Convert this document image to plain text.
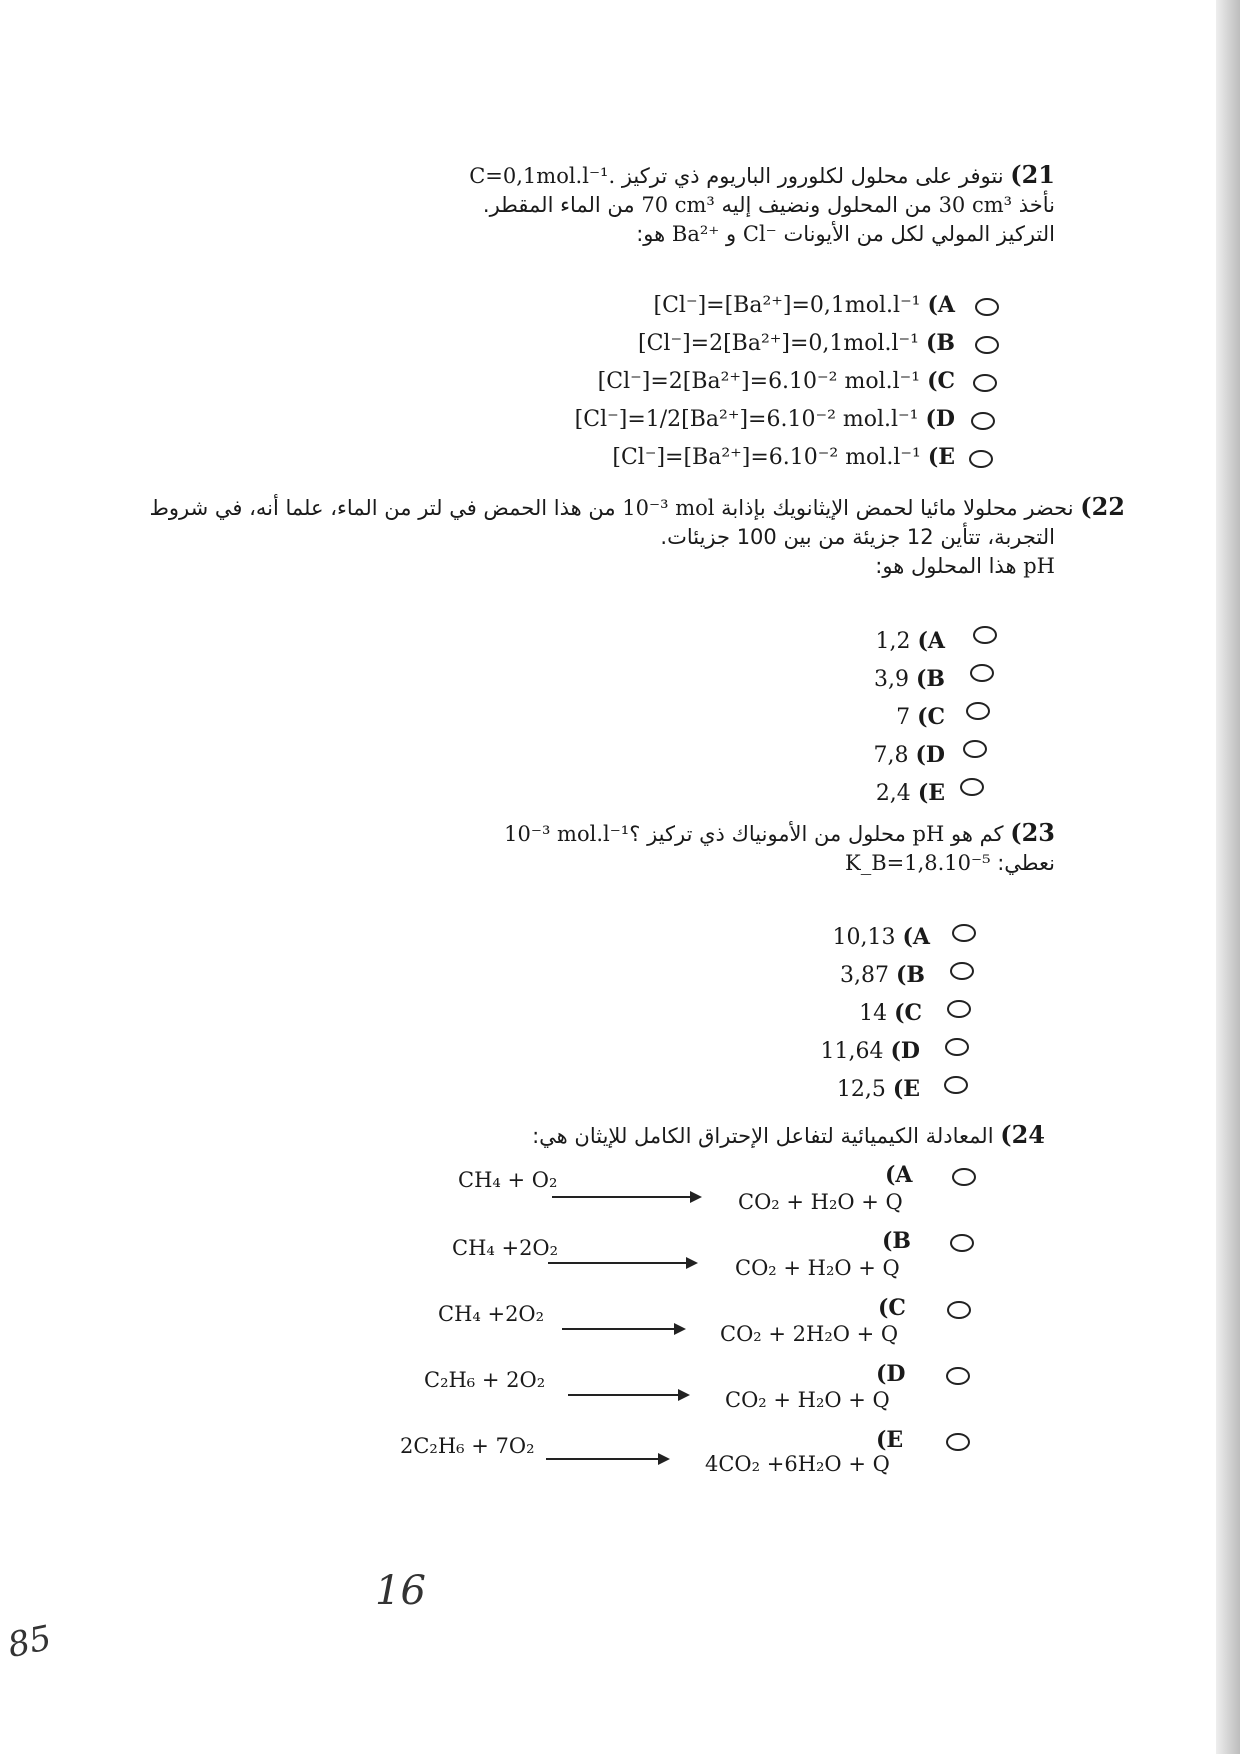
21) نتوفر على محلول لكلورور الباريوم ذي تركيز C=0,1mol.l⁻¹.
نأخذ 30 cm³ من المحلول ونضيف إليه 70 cm³ من الماء المقطر.
التركيز المولي لكل من الأيونات Ba²⁺ و Cl⁻ هو:
[Cl⁻]=[Ba²⁺]=0,1mol.l⁻¹ (A
[Cl⁻]=2[Ba²⁺]=0,1mol.l⁻¹ (B
[Cl⁻]=2[Ba²⁺]=6.10⁻² mol.l⁻¹ (C
[Cl⁻]=1/2[Ba²⁺]=6.10⁻² mol.l⁻¹ (D
[Cl⁻]=[Ba²⁺]=6.10⁻² mol.l⁻¹ (E
22) نحضر محلولا مائيا لحمض الإيثانويك بإذابة 10⁻³ mol من هذا الحمض في لتر من الماء، علما أنه، في شروط
التجربة، تتأين 12 جزيئة من بين 100 جزيئات.
pH هذا المحلول هو:
1,2 (A
3,9 (B
7 (C
7,8 (D
2,4 (E
23) كم هو pH محلول من الأمونياك ذي تركيز 10⁻³ mol.l⁻¹؟
نعطي: K_B=1,8.10⁻⁵
10,13 (A
3,87 (B
14 (C
11,64 (D
12,5 (E
24) المعادلة الكيميائية لتفاعل الإحتراق الكامل للإيثان هي:
(A
CH₄ + O₂
CO₂ + H₂O + Q
(B
CH₄ +2O₂
CO₂ + H₂O + Q
(C
CH₄ +2O₂
CO₂ + 2H₂O + Q
(D
C₂H₆ + 2O₂
CO₂ + H₂O + Q
(E
2C₂H₆ + 7O₂
4CO₂ +6H₂O + Q
16
85
